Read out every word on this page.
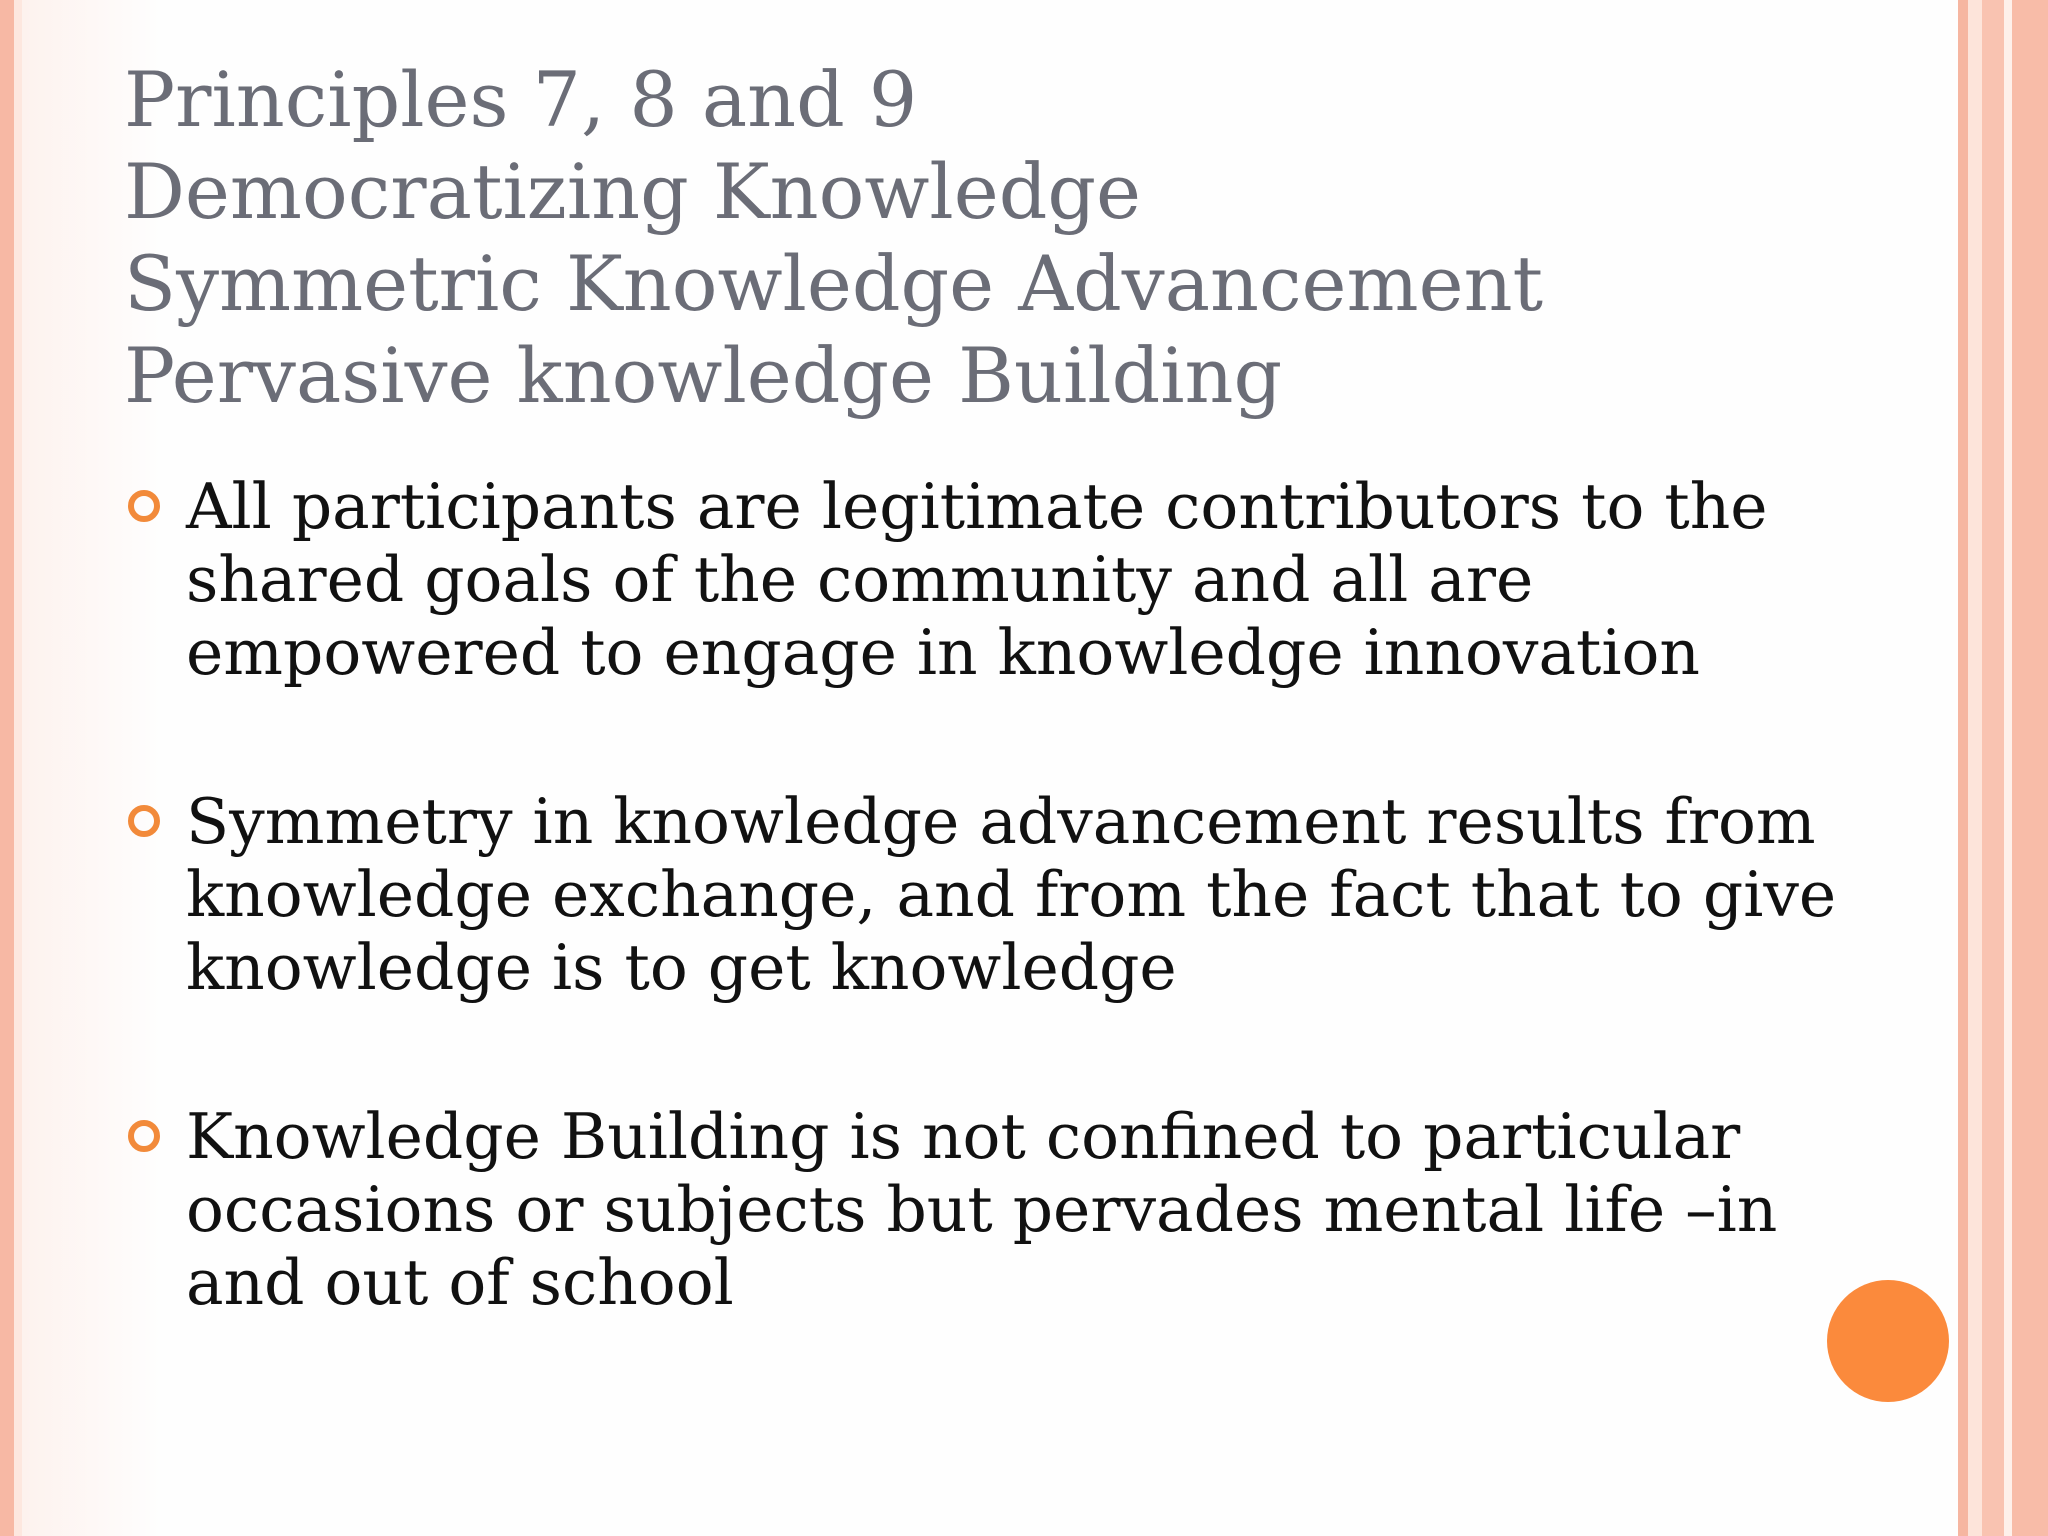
Principles 7, 8 and 9
Democratizing Knowledge
Symmetric Knowledge Advancement
Pervasive knowledge Building
All participants are legitimate contributors to the shared goals of the community and all are empowered to engage in knowledge innovation
Symmetry in knowledge advancement results from knowledge exchange, and from the fact that to give knowledge is to get knowledge
Knowledge Building is not confined to particular occasions or subjects but pervades mental life –in and out of school
